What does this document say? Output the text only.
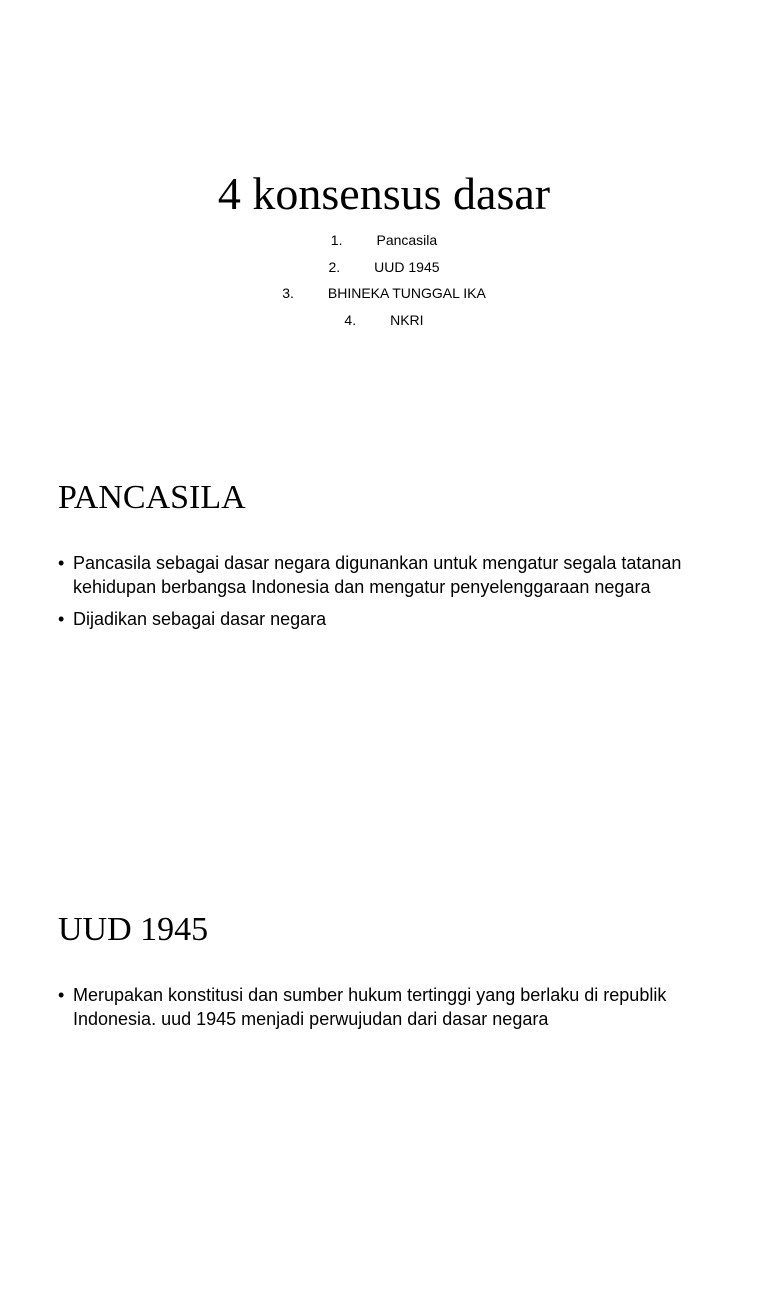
4 konsensus dasar
1. Pancasila
2. UUD 1945
3. BHINEKA TUNGGAL IKA
4. NKRI
PANCASILA
• Pancasila sebagai dasar negara digunankan untuk mengatur segala tatanan kehidupan berbangsa Indonesia dan mengatur penyelenggaraan negara
• Dijadikan sebagai dasar negara
UUD 1945
• Merupakan konstitusi dan sumber hukum tertinggi yang berlaku di republik Indonesia. uud 1945 menjadi perwujudan dari dasar negara
